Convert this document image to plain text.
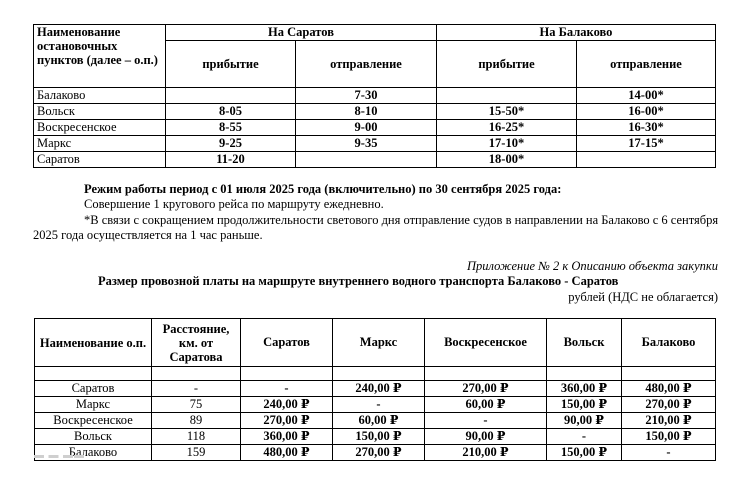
Наименование остановочных пунктов (далее – о.п.)	На Саратов		На Балаково	
	прибытие	отправление	прибытие	отправление
Балаково		7-30		14-00*
Вольск	8-05	8-10	15-50*	16-00*
Воскресенское	8-55	9-00	16-25*	16-30*
Маркс	9-25	9-35	17-10*	17-15*
Саратов	11-20		18-00*	
Режим работы период с 01 июля 2025 года (включительно) по 30 сентября 2025 года:
Совершение 1 кругового рейса по маршруту ежедневно.
*В связи с сокращением продолжительности светового дня отправление судов в направлении на Балаково с 6 сентября 2025 года осуществляется на 1 час раньше.
Приложение № 2 к Описанию объекта закупки
Размер провозной платы на маршруте внутреннего водного транспорта Балаково - Саратов
рублей (НДС не облагается)
Наименование о.п.	Расстояние, км. от Саратова	Саратов	Маркс	Воскресенское	Вольск	Балаково

Саратов	-	-	240,00 ₽	270,00 ₽	360,00 ₽	480,00 ₽
Маркс	75	240,00 ₽	-	60,00 ₽	150,00 ₽	270,00 ₽
Воскресенское	89	270,00 ₽	60,00 ₽	-	90,00 ₽	210,00 ₽
Вольск	118	360,00 ₽	150,00 ₽	90,00 ₽	-	150,00 ₽
Балаково	159	480,00 ₽	270,00 ₽	210,00 ₽	150,00 ₽	-
▬ ▬ ▬▬
